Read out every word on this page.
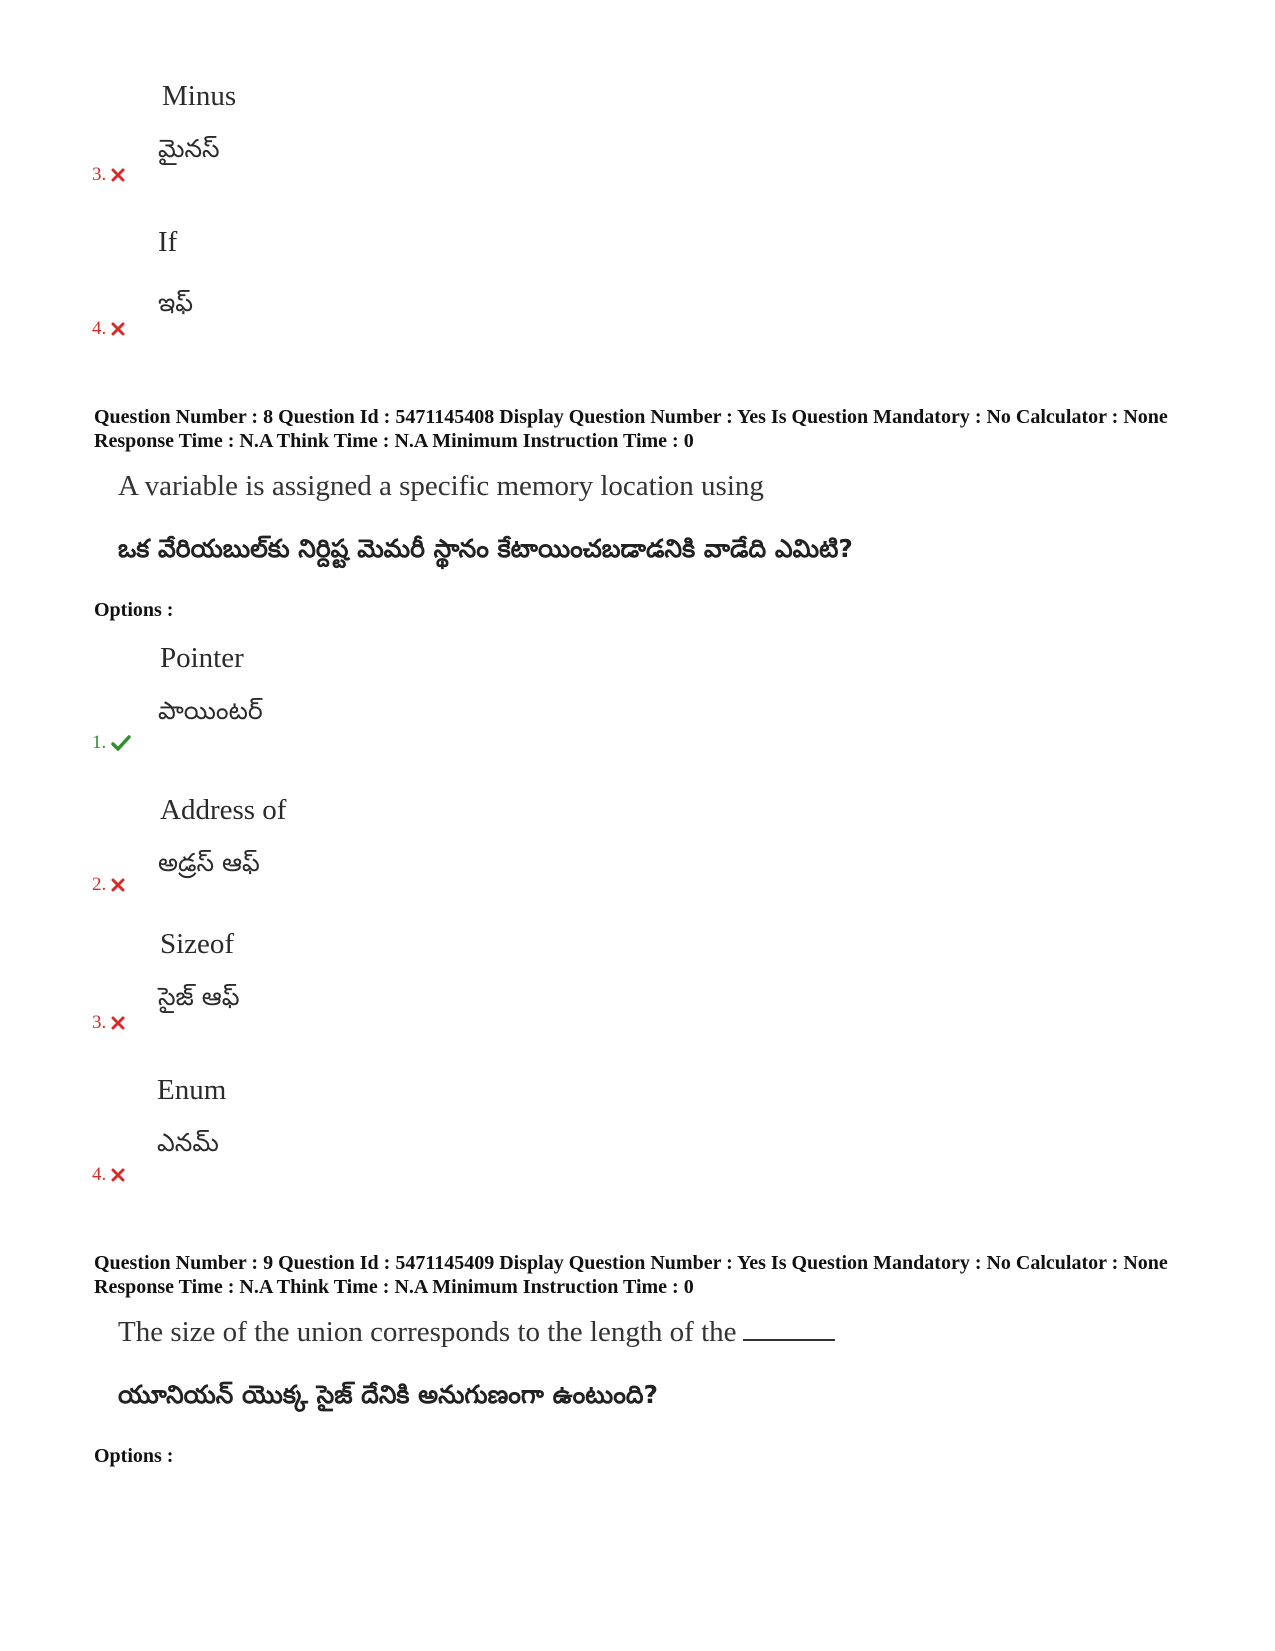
Minus
మైనస్
3.
If
ఇఫ్
4.
Question Number : 8 Question Id : 5471145408 Display Question Number : Yes Is Question Mandatory : No Calculator : None Response Time : N.A Think Time : N.A Minimum Instruction Time : 0
A variable is assigned a specific memory location using
ఒక వేరియబుల్‌కు నిర్దిష్ట మెమరీ స్థానం కేటాయించబడాడనికి వాడేది ఎమిటి?
Options :
Pointer
పాయింటర్
1.
Address of
అడ్రస్ ఆఫ్
2.
Sizeof
సైజ్ ఆఫ్
3.
Enum
ఎనమ్
4.
Question Number : 9 Question Id : 5471145409 Display Question Number : Yes Is Question Mandatory : No Calculator : None Response Time : N.A Think Time : N.A Minimum Instruction Time : 0
The size of the union corresponds to the length of the
యూనియన్ యొక్క సైజ్ దేనికి అనుగుణంగా ఉంటుంది?
Options :
